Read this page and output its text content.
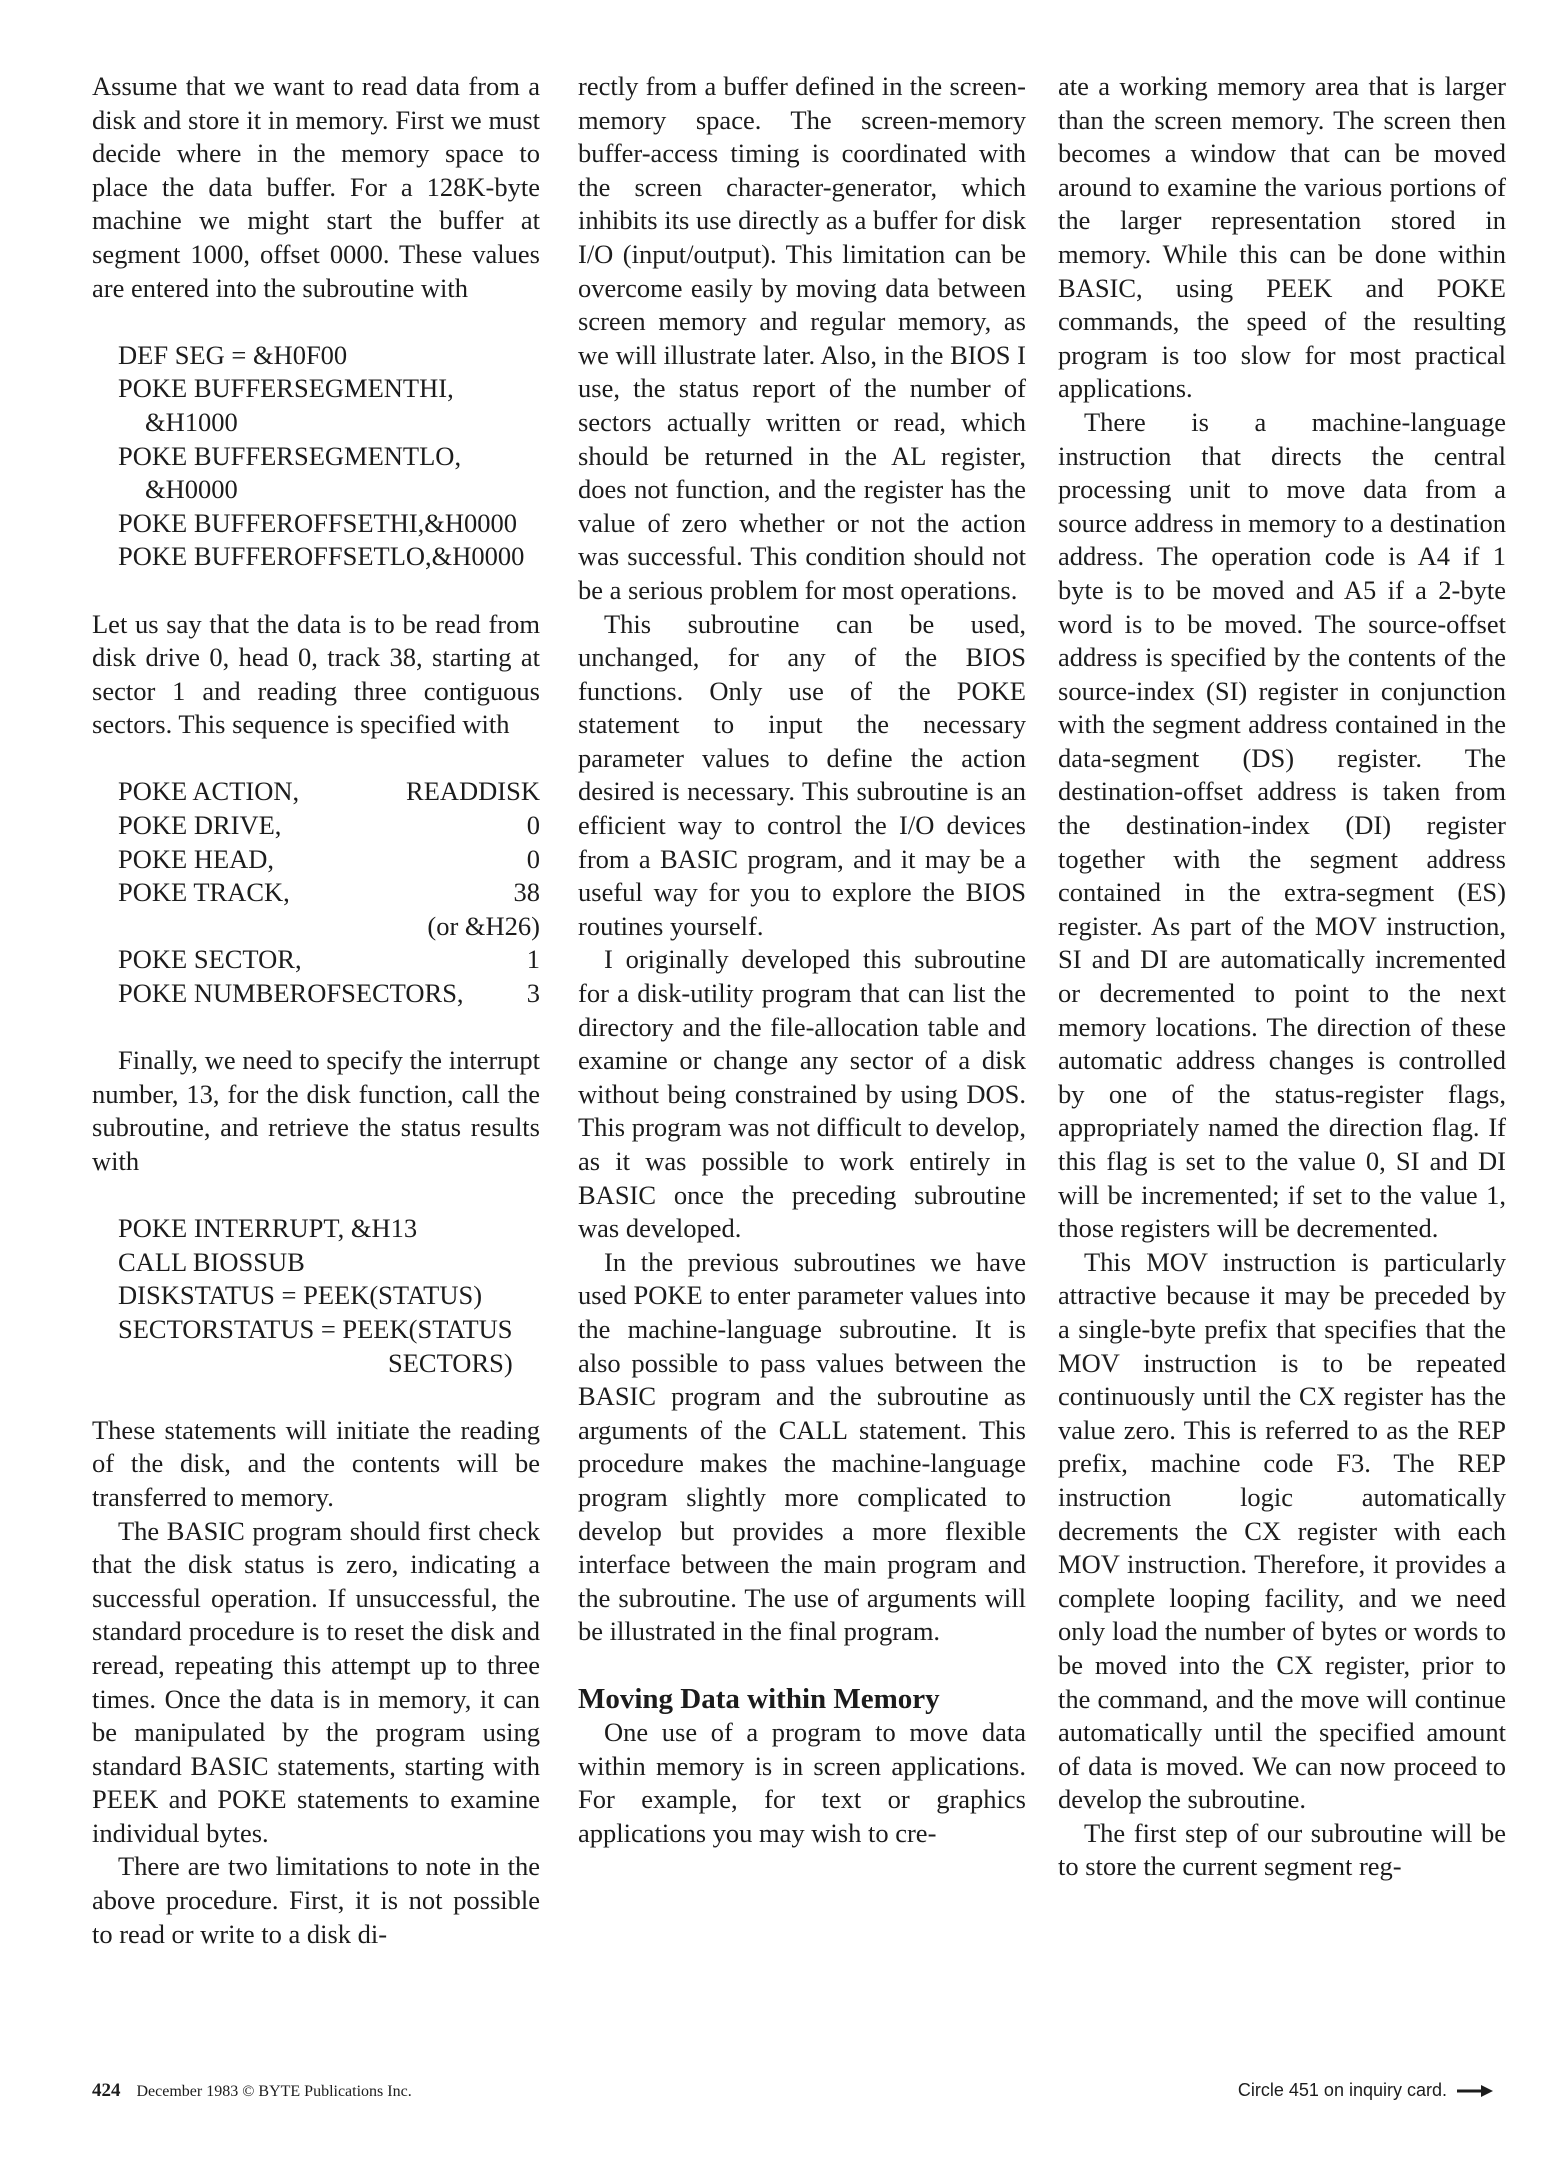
Assume that we want to read data from a disk and store it in memory. First we must decide where in the memory space to place the data buffer. For a 128K-byte machine we might start the buffer at segment 1000, offset 0000. These values are entered into the subroutine with

DEF SEG = &H0F00
POKE BUFFERSEGMENTHI,
&H1000
POKE BUFFERSEGMENTLO,
&H0000
POKE BUFFEROFFSETHI,&H0000
POKE BUFFEROFFSETLO,&H0000

Let us say that the data is to be read from disk drive 0, head 0, track 38, starting at sector 1 and reading three contiguous sectors. This sequence is specified with

POKE ACTION,	READDISK
POKE DRIVE,	0
POKE HEAD,	0
POKE TRACK,	38
(or &H26)
POKE SECTOR,	1
POKE NUMBEROFSECTORS, 3

Finally, we need to specify the interrupt number, 13, for the disk function, call the subroutine, and retrieve the status results with

POKE INTERRUPT, &H13
CALL BIOSSUB
DISKSTATUS = PEEK(STATUS)
SECTORSTATUS = PEEK(STATUS
SECTORS)

These statements will initiate the reading of the disk, and the contents will be transferred to memory.

The BASIC program should first check that the disk status is zero, indicating a successful operation. If unsuccessful, the standard procedure is to reset the disk and reread, repeating this attempt up to three times. Once the data is in memory, it can be manipulated by the program using standard BASIC statements, starting with PEEK and POKE statements to examine individual bytes.

There are two limitations to note in the above procedure. First, it is not possible to read or write to a disk di-

rectly from a buffer defined in the screen-memory space. The screen-memory buffer-access timing is coordinated with the screen character-generator, which inhibits its use directly as a buffer for disk I/O (input/output). This limitation can be overcome easily by moving data between screen memory and regular memory, as we will illustrate later. Also, in the BIOS I use, the status report of the number of sectors actually written or read, which should be returned in the AL register, does not function, and the register has the value of zero whether or not the action was successful. This condition should not be a serious problem for most operations.

This subroutine can be used, unchanged, for any of the BIOS functions. Only use of the POKE statement to input the necessary parameter values to define the action desired is necessary. This subroutine is an efficient way to control the I/O devices from a BASIC program, and it may be a useful way for you to explore the BIOS routines yourself.

I originally developed this subroutine for a disk-utility program that can list the directory and the file-allocation table and examine or change any sector of a disk without being constrained by using DOS. This program was not difficult to develop, as it was possible to work entirely in BASIC once the preceding subroutine was developed.

In the previous subroutines we have used POKE to enter parameter values into the machine-language subroutine. It is also possible to pass values between the BASIC program and the subroutine as arguments of the CALL statement. This procedure makes the machine-language program slightly more complicated to develop but provides a more flexible interface between the main program and the subroutine. The use of arguments will be illustrated in the final program.

Moving Data within Memory

One use of a program to move data within memory is in screen applications. For example, for text or graphics applications you may wish to cre-

ate a working memory area that is larger than the screen memory. The screen then becomes a window that can be moved around to examine the various portions of the larger representation stored in memory. While this can be done within BASIC, using PEEK and POKE commands, the speed of the resulting program is too slow for most practical applications.

There is a machine-language instruction that directs the central processing unit to move data from a source address in memory to a destination address. The operation code is A4 if 1 byte is to be moved and A5 if a 2-byte word is to be moved. The source-offset address is specified by the contents of the source-index (SI) register in conjunction with the segment address contained in the data-segment (DS) register. The destination-offset address is taken from the destination-index (DI) register together with the segment address contained in the extra-segment (ES) register. As part of the MOV instruction, SI and DI are automatically incremented or decremented to point to the next memory locations. The direction of these automatic address changes is controlled by one of the status-register flags, appropriately named the direction flag. If this flag is set to the value 0, SI and DI will be incremented; if set to the value 1, those registers will be decremented.

This MOV instruction is particularly attractive because it may be preceded by a single-byte prefix that specifies that the MOV instruction is to be repeated continuously until the CX register has the value zero. This is referred to as the REP prefix, machine code F3. The REP instruction logic automatically decrements the CX register with each MOV instruction. Therefore, it provides a complete looping facility, and we need only load the number of bytes or words to be moved into the CX register, prior to the command, and the move will continue automatically until the specified amount of data is moved. We can now proceed to develop the subroutine.

The first step of our subroutine will be to store the current segment reg-

424 December 1983 © BYTE Publications Inc.	Circle 451 on inquiry card.
